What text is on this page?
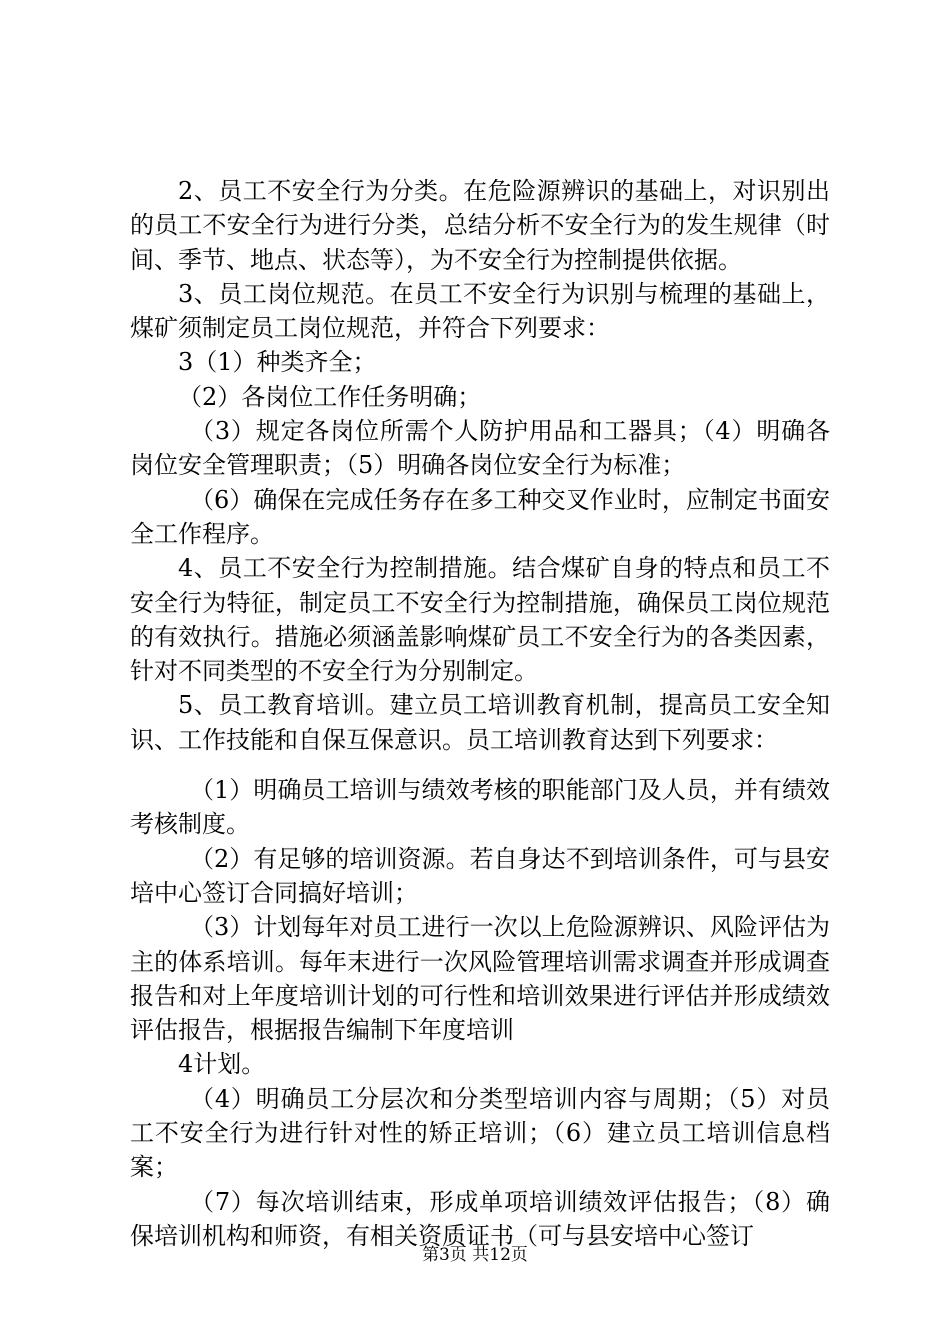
2、员工不安全行为分类。在危险源辨识的基础上，对识别出的员工不安全行为进行分类，总结分析不安全行为的发生规律（时间、季节、地点、状态等），为不安全行为控制提供依据。

3、员工岗位规范。在员工不安全行为识别与梳理的基础上，煤矿须制定员工岗位规范，并符合下列要求：

3（1）种类齐全；

（2）各岗位工作任务明确；

（3）规定各岗位所需个人防护用品和工器具；（4）明确各岗位安全管理职责；（5）明确各岗位安全行为标准；

（6）确保在完成任务存在多工种交叉作业时，应制定书面安全工作程序。

4、员工不安全行为控制措施。结合煤矿自身的特点和员工不安全行为特征，制定员工不安全行为控制措施，确保员工岗位规范的有效执行。措施必须涵盖影响煤矿员工不安全行为的各类因素，针对不同类型的不安全行为分别制定。

5、员工教育培训。建立员工培训教育机制，提高员工安全知识、工作技能和自保互保意识。员工培训教育达到下列要求：

（1）明确员工培训与绩效考核的职能部门及人员，并有绩效考核制度。

（2）有足够的培训资源。若自身达不到培训条件，可与县安培中心签订合同搞好培训；

（3）计划每年对员工进行一次以上危险源辨识、风险评估为主的体系培训。每年末进行一次风险管理培训需求调查并形成调查报告和对上年度培训计划的可行性和培训效果进行评估并形成绩效评估报告，根据报告编制下年度培训

4计划。

（4）明确员工分层次和分类型培训内容与周期；（5）对员工不安全行为进行针对性的矫正培训；（6）建立员工培训信息档案；

（7）每次培训结束，形成单项培训绩效评估报告；（8）确保培训机构和师资，有相关资质证书（可与县安培中心签订

第3页 共12页
